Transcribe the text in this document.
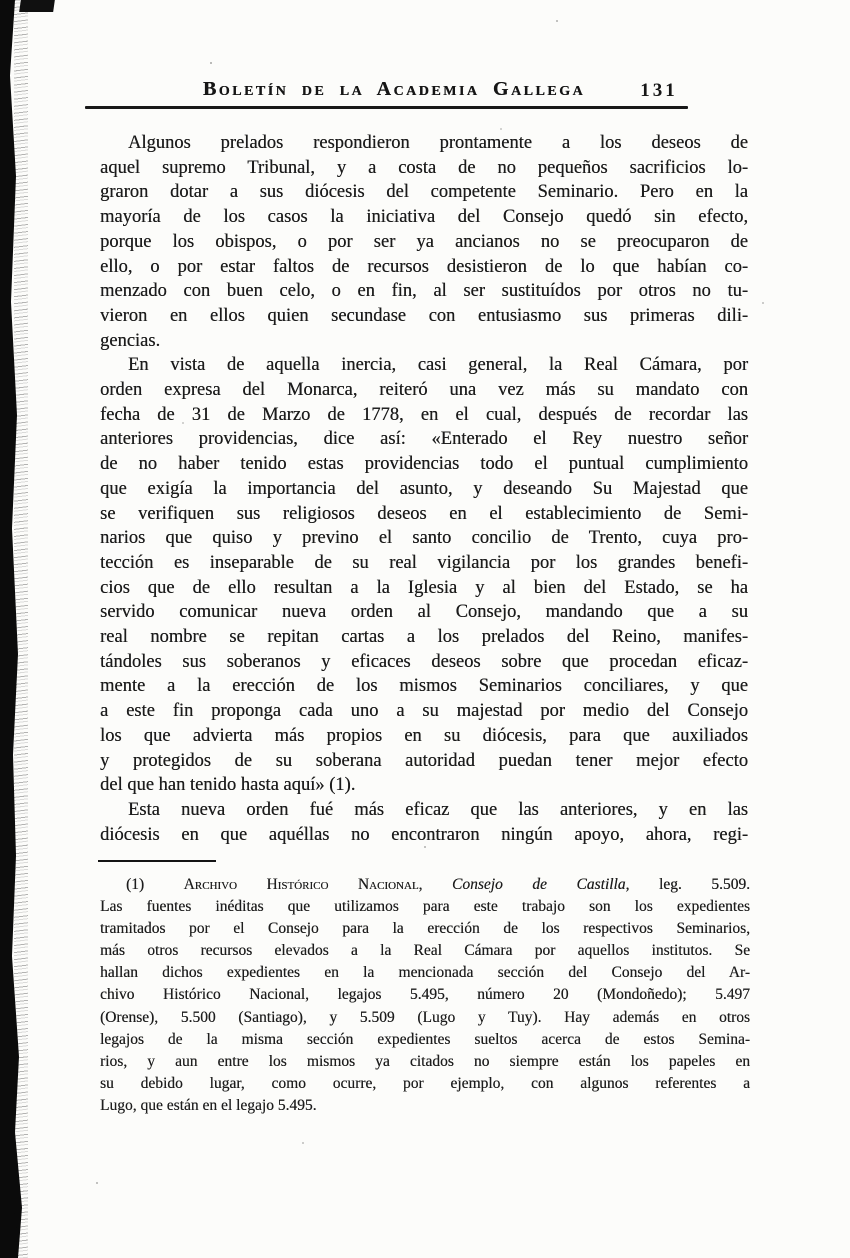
Boletín de la Academia Gallega	131
Algunos prelados respondieron prontamente a los deseos de
aquel supremo Tribunal, y a costa de no pequeños sacrificios lo-
graron dotar a sus diócesis del competente Seminario. Pero en la
mayoría de los casos la iniciativa del Consejo quedó sin efecto,
porque los obispos, o por ser ya ancianos no se preocuparon de
ello, o por estar faltos de recursos desistieron de lo que habían co-
menzado con buen celo, o en fin, al ser sustituídos por otros no tu-
vieron en ellos quien secundase con entusiasmo sus primeras dili-
gencias.
En vista de aquella inercia, casi general, la Real Cámara, por
orden expresa del Monarca, reiteró una vez más su mandato con
fecha de 31 de Marzo de 1778, en el cual, después de recordar las
anteriores providencias, dice así: «Enterado el Rey nuestro señor
de no haber tenido estas providencias todo el puntual cumplimiento
que exigía la importancia del asunto, y deseando Su Majestad que
se verifiquen sus religiosos deseos en el establecimiento de Semi-
narios que quiso y previno el santo concilio de Trento, cuya pro-
tección es inseparable de su real vigilancia por los grandes benefi-
cios que de ello resultan a la Iglesia y al bien del Estado, se ha
servido comunicar nueva orden al Consejo, mandando que a su
real nombre se repitan cartas a los prelados del Reino, manifes-
tándoles sus soberanos y eficaces deseos sobre que procedan eficaz-
mente a la erección de los mismos Seminarios conciliares, y que
a este fin proponga cada uno a su majestad por medio del Consejo
los que advierta más propios en su diócesis, para que auxiliados
y protegidos de su soberana autoridad puedan tener mejor efecto
del que han tenido hasta aquí» (1).
Esta nueva orden fué más eficaz que las anteriores, y en las
diócesis en que aquéllas no encontraron ningún apoyo, ahora, regi-
(1)	Archivo Histórico Nacional, Consejo de Castilla, leg. 5.509.
Las fuentes inéditas que utilizamos para este trabajo son los expedientes
tramitados por el Consejo para la erección de los respectivos Seminarios,
más otros recursos elevados a la Real Cámara por aquellos institutos. Se
hallan dichos expedientes en la mencionada sección del Consejo del Ar-
chivo Histórico Nacional, legajos 5.495, número 20 (Mondoñedo); 5.497
(Orense), 5.500 (Santiago), y 5.509 (Lugo y Tuy). Hay además en otros
legajos de la misma sección expedientes sueltos acerca de estos Semina-
rios, y aun entre los mismos ya citados no siempre están los papeles en
su debido lugar, como ocurre, por ejemplo, con algunos referentes a
Lugo, que están en el legajo 5.495.
